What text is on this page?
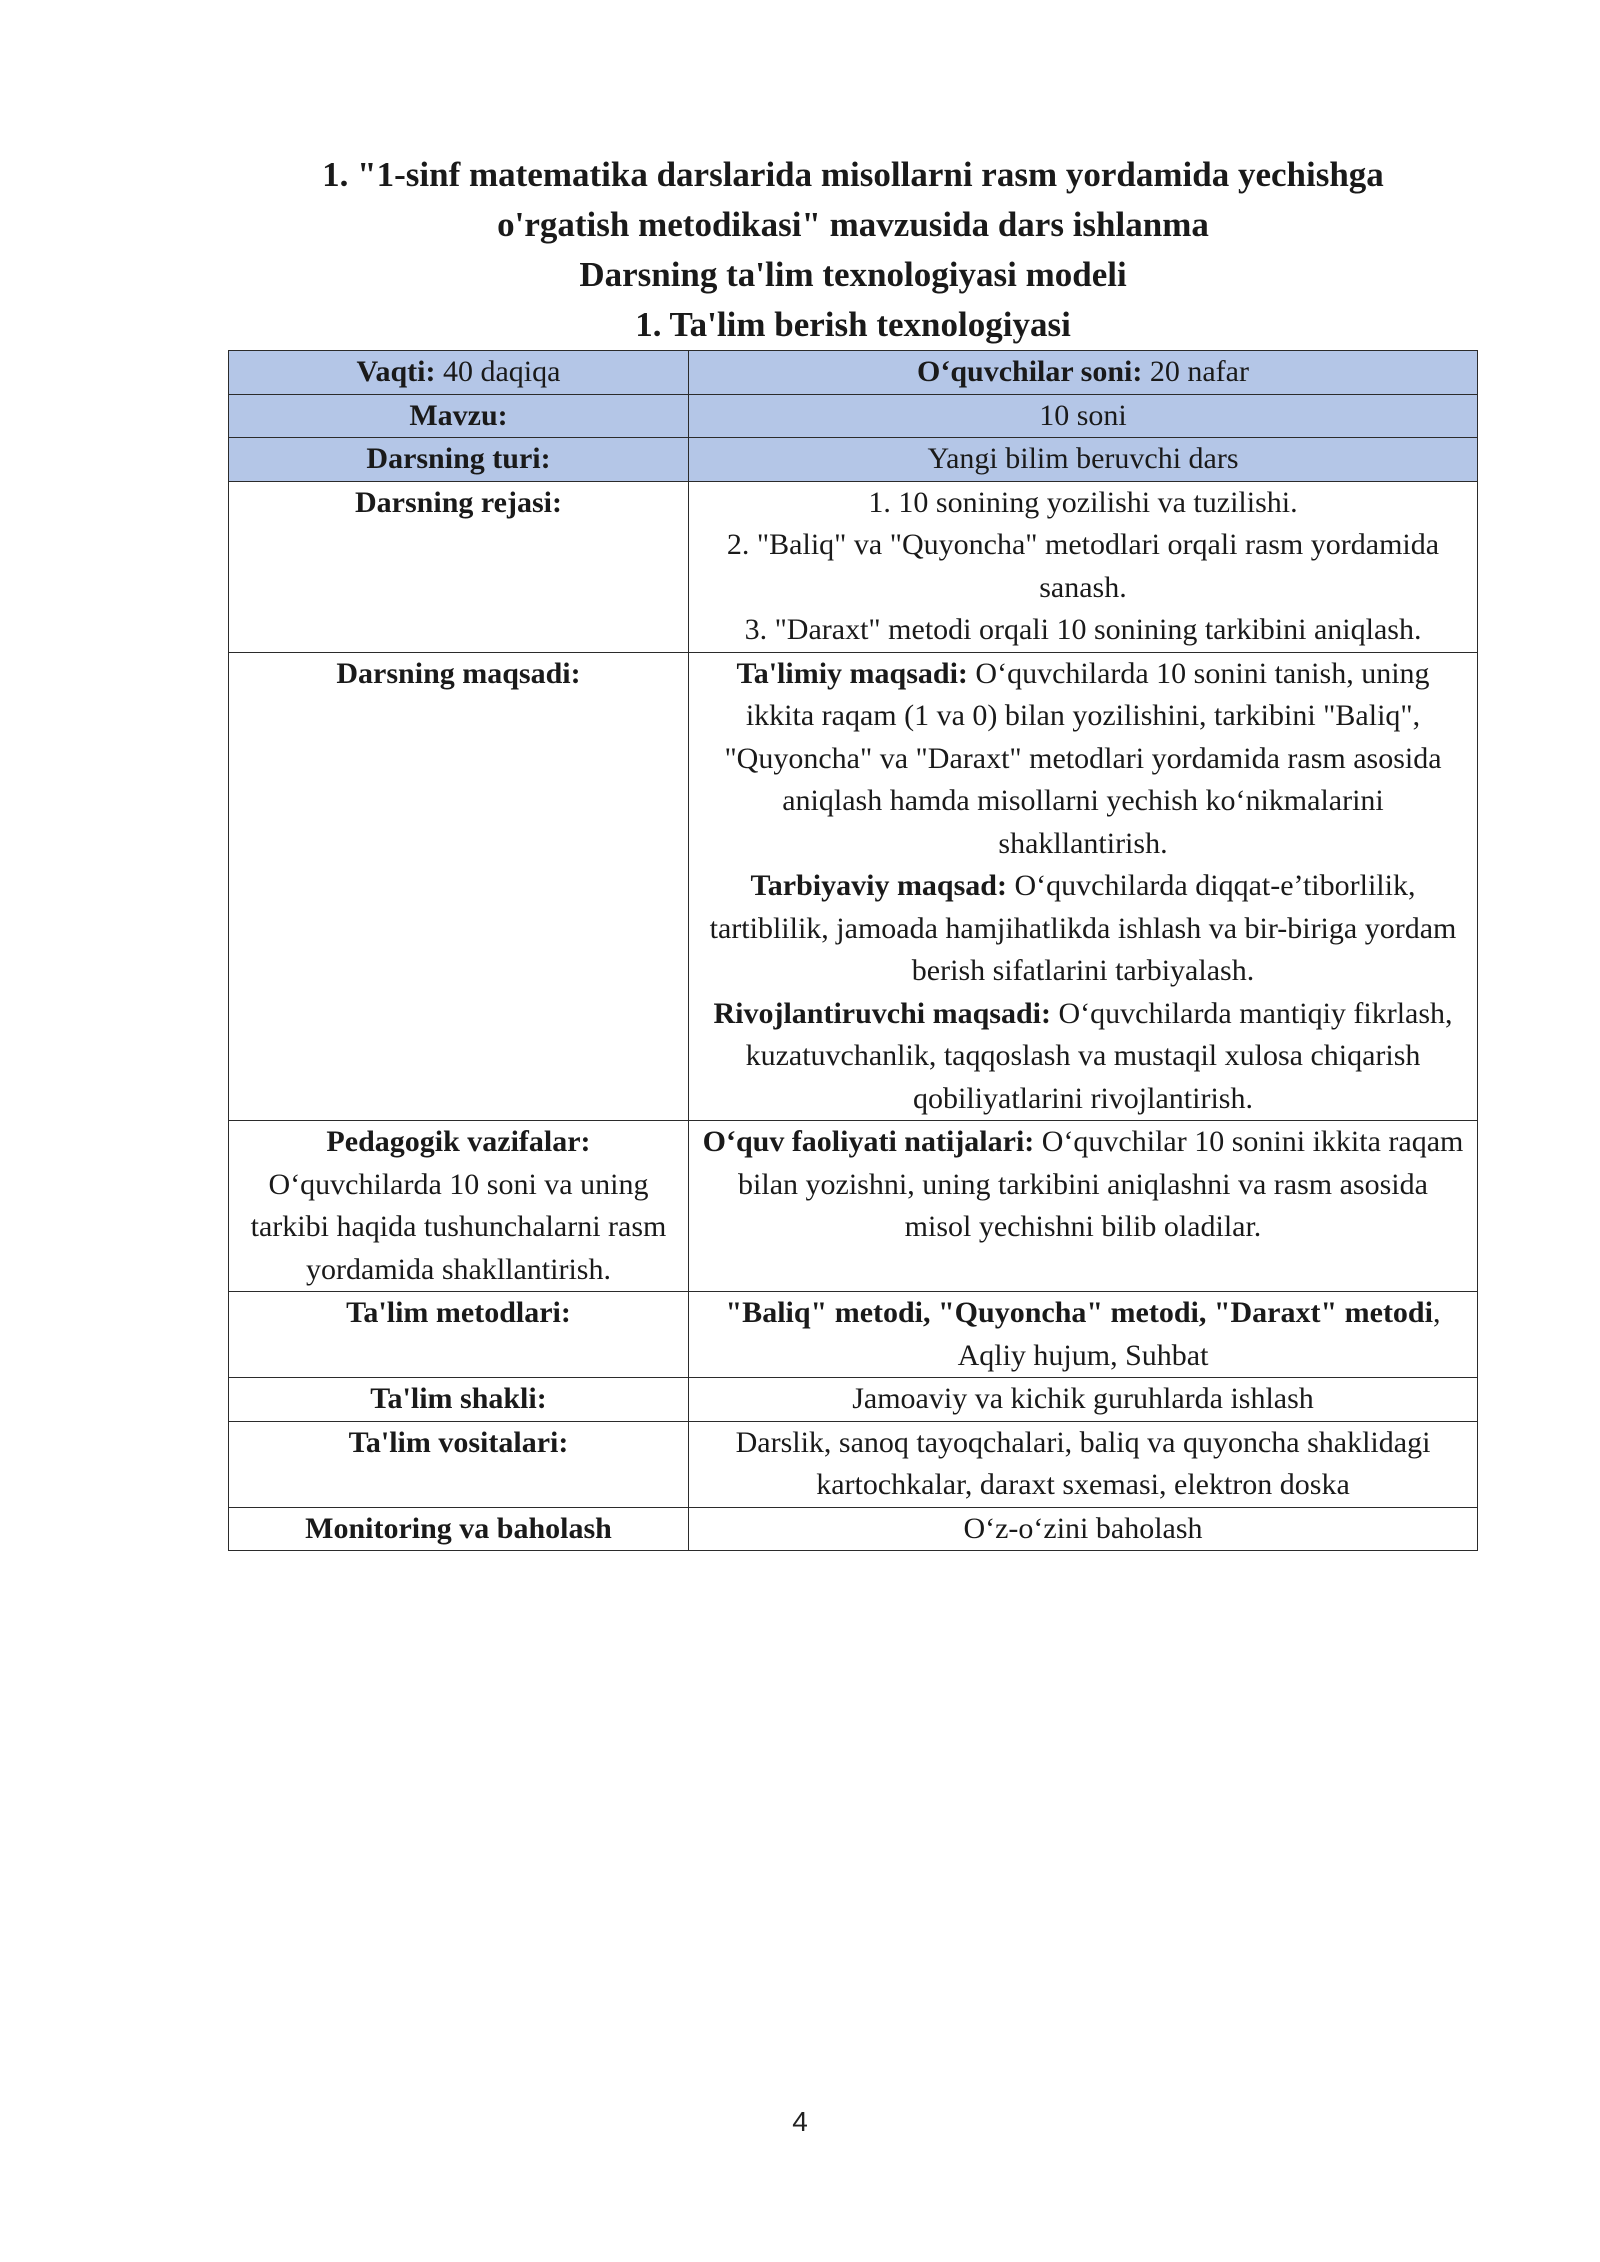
1. "1-sinf matematika darslarida misollarni rasm yordamida yechishga
o'rgatish metodikasi" mavzusida dars ishlanma
Darsning ta'lim texnologiyasi modeli
1. Ta'lim berish texnologiyasi
Vaqti: 40 daqiqa	O‘quvchilar soni: 20 nafar
Mavzu:	10 soni
Darsning turi:	Yangi bilim beruvchi dars
Darsning rejasi:	1. 10 sonining yozilishi va tuzilishi.
2. "Baliq" va "Quyoncha" metodlari orqali rasm yordamida sanash.
3. "Daraxt" metodi orqali 10 sonining tarkibini aniqlash.

Darsning maqsadi:	Ta'limiy maqsadi: O‘quvchilarda 10 sonini tanish, uning ikkita raqam (1 va 0) bilan yozilishini, tarkibini "Baliq", "Quyoncha" va "Daraxt" metodlari yordamida rasm asosida aniqlash hamda misollarni yechish ko‘nikmalarini shakllantirish.
Tarbiyaviy maqsad: O‘quvchilarda diqqat-e’tiborlilik, tartiblilik, jamoada hamjihatlikda ishlash va bir-biriga yordam berish sifatlarini tarbiyalash.
Rivojlantiruvchi maqsadi: O‘quvchilarda mantiqiy fikrlash, kuzatuvchanlik, taqqoslash va mustaqil xulosa chiqarish qobiliyatlarini rivojlantirish.

Pedagogik vazifalar:
O‘quvchilarda 10 soni va uning tarkibi haqida tushunchalarni rasm yordamida shakllantirish.	O‘quv faoliyati natijalari: O‘quvchilar 10 sonini ikkita raqam bilan yozishni, uning tarkibini aniqlashni va rasm asosida misol yechishni bilib oladilar.
Ta'lim metodlari:	"Baliq" metodi, "Quyoncha" metodi, "Daraxt" metodi, Aqliy hujum, Suhbat
Ta'lim shakli:	Jamoaviy va kichik guruhlarda ishlash
Ta'lim vositalari:	Darslik, sanoq tayoqchalari, baliq va quyoncha shaklidagi kartochkalar, daraxt sxemasi, elektron doska
Monitoring va baholash	O‘z-o‘zini baholash
4
